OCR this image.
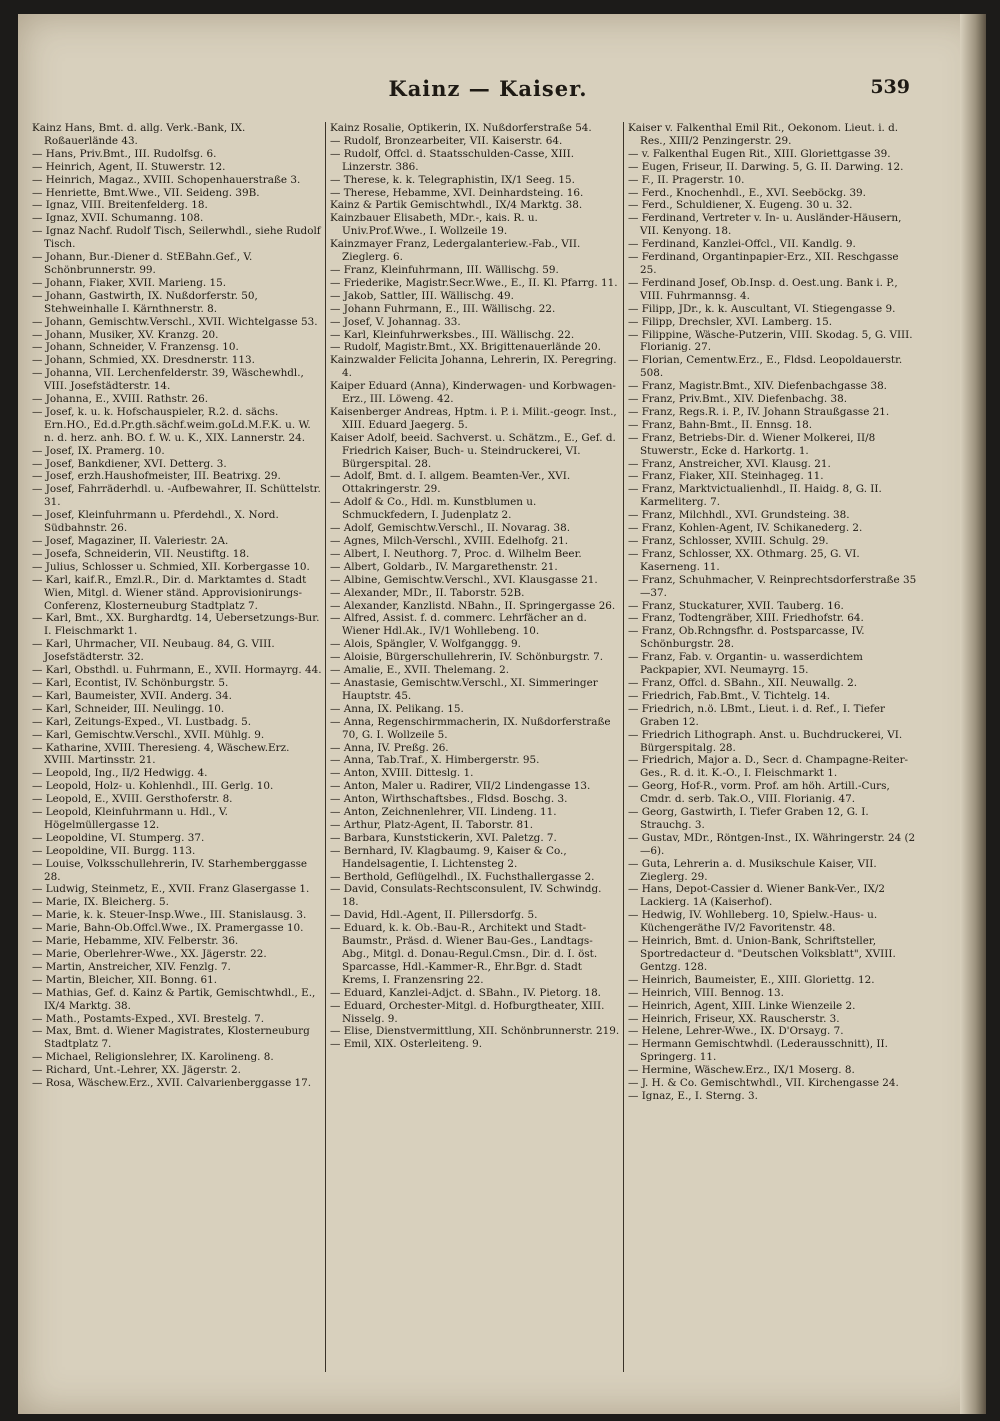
Kainz — Kaiser.	539
Kainz Hans, Bmt. d. allg. Verk.-Bank, IX. Roßauerlände 43.
— Hans, Priv.Bmt., III. Rudolfsg. 6.
— Heinrich, Agent, II. Stuwerstr. 12.
— Heinrich, Magaz., XVIII. Schopenhauerstraße 3.
— Henriette, Bmt.Wwe., VII. Seideng. 39B.
— Ignaz, VIII. Breitenfelderg. 18.
— Ignaz, XVII. Schumanng. 108.
— Ignaz Nachf. Rudolf Tisch, Seilerwhdl., siehe Rudolf Tisch.
— Johann, Bur.-Diener d. StEBahn.Gef., V. Schönbrunnerstr. 99.
— Johann, Fiaker, XVII. Marieng. 15.
— Johann, Gastwirth, IX. Nußdorferstr. 50, Stehweinhalle I. Kärnthnerstr. 8.
— Johann, Gemischtw.Verschl., XVII. Wichtelgasse 53.
— Johann, Musiker, XV. Kranzg. 20.
— Johann, Schneider, V. Franzensg. 10.
— Johann, Schmied, XX. Dresdnerstr. 113.
— Johanna, VII. Lerchenfelderstr. 39, Wäschewhdl., VIII. Josefstädterstr. 14.
— Johanna, E., XVIII. Rathstr. 26.
— Josef, k. u. k. Hofschauspieler, R.2. d. sächs. Ern.HO., Ed.d.Pr.gth.sächf.weim.goLd.M.F.K. u. W. n. d. herz. anh. BO. f. W. u. K., XIX. Lannerstr. 24.
— Josef, IX. Pramerg. 10.
— Josef, Bankdiener, XVI. Detterg. 3.
— Josef, erzh.Haushofmeister, III. Beatrixg. 29.
— Josef, Fahrräderhdl. u. -Aufbewahrer, II. Schüttelstr. 31.
— Josef, Kleinfuhrmann u. Pferdehdl., X. Nord. Südbahnstr. 26.
— Josef, Magaziner, II. Valeriestr. 2A.
— Josefa, Schneiderin, VII. Neustiftg. 18.
— Julius, Schlosser u. Schmied, XII. Korbergasse 10.
— Karl, kaif.R., Emzl.R., Dir. d. Marktamtes d. Stadt Wien, Mitgl. d. Wiener ständ. Approvisionirungs-Conferenz, Klosterneuburg Stadtplatz 7.
— Karl, Bmt., XX. Burghardtg. 14, Uebersetzungs-Bur. I. Fleischmarkt 1.
— Karl, Uhrmacher, VII. Neubaug. 84, G. VIII. Josefstädterstr. 32.
— Karl, Obsthdl. u. Fuhrmann, E., XVII. Hormayrg. 44.
— Karl, Econtist, IV. Schönburgstr. 5.
— Karl, Baumeister, XVII. Anderg. 34.
— Karl, Schneider, III. Neulingg. 10.
— Karl, Zeitungs-Exped., VI. Lustbadg. 5.
— Karl, Gemischtw.Verschl., XVII. Mühlg. 9.
— Katharine, XVIII. Theresieng. 4, Wäschew.Erz. XVIII. Martinsstr. 21.
— Leopold, Ing., II/2 Hedwigg. 4.
— Leopold, Holz- u. Kohlenhdl., III. Gerlg. 10.
— Leopold, E., XVIII. Gersthoferstr. 8.
— Leopold, Kleinfuhrmann u. Hdl., V. Högelmüllergasse 12.
— Leopoldine, VI. Stumperg. 37.
— Leopoldine, VII. Burgg. 113.
— Louise, Volksschullehrerin, IV. Starhemberggasse 28.
— Ludwig, Steinmetz, E., XVII. Franz Glasergasse 1.
— Marie, IX. Bleicherg. 5.
— Marie, k. k. Steuer-Insp.Wwe., III. Stanislausg. 3.
— Marie, Bahn-Ob.Offcl.Wwe., IX. Pramergasse 10.
— Marie, Hebamme, XIV. Felberstr. 36.
— Marie, Oberlehrer-Wwe., XX. Jägerstr. 22.
— Martin, Anstreicher, XIV. Fenzlg. 7.
— Martin, Bleicher, XII. Bonng. 61.
— Mathias, Gef. d. Kainz & Partik, Gemischtwhdl., E., IX/4 Marktg. 38.
— Math., Postamts-Exped., XVI. Brestelg. 7.
— Max, Bmt. d. Wiener Magistrates, Klosterneuburg Stadtplatz 7.
— Michael, Religionslehrer, IX. Karolineng. 8.
— Richard, Unt.-Lehrer, XX. Jägerstr. 2.
— Rosa, Wäschew.Erz., XVII. Calvarienberggasse 17.
Kainz Rosalie, Optikerin, IX. Nußdorferstraße 54.
— Rudolf, Bronzearbeiter, VII. Kaiserstr. 64.
— Rudolf, Offcl. d. Staatsschulden-Casse, XIII. Linzerstr. 386.
— Therese, k. k. Telegraphistin, IX/1 Seeg. 15.
— Therese, Hebamme, XVI. Deinhardsteing. 16.
Kainz & Partik Gemischtwhdl., IX/4 Marktg. 38.
Kainzbauer Elisabeth, MDr.-, kais. R. u. Univ.Prof.Wwe., I. Wollzeile 19.
Kainzmayer Franz, Ledergalanteriew.-Fab., VII. Zieglerg. 6.
— Franz, Kleinfuhrmann, III. Wällischg. 59.
— Friederike, Magistr.Secr.Wwe., E., II. Kl. Pfarrg. 11.
— Jakob, Sattler, III. Wällischg. 49.
— Johann Fuhrmann, E., III. Wällischg. 22.
— Josef, V. Johannag. 33.
— Karl, Kleinfuhrwerksbes., III. Wällischg. 22.
— Rudolf, Magistr.Bmt., XX. Brigittenauerlände 20.
Kainzwalder Felicita Johanna, Lehrerin, IX. Peregring. 4.
Kaiper Eduard (Anna), Kinderwagen- und Korbwagen-Erz., III. Löweng. 42.
Kaisenberger Andreas, Hptm. i. P. i. Milit.-geogr. Inst., XIII. Eduard Jaegerg. 5.
Kaiser Adolf, beeid. Sachverst. u. Schätzm., E., Gef. d. Friedrich Kaiser, Buch- u. Steindruckerei, VI. Bürgerspital. 28.
— Adolf, Bmt. d. I. allgem. Beamten-Ver., XVI. Ottakringerstr. 29.
— Adolf & Co., Hdl. m. Kunstblumen u. Schmuckfedern, I. Judenplatz 2.
— Adolf, Gemischtw.Verschl., II. Novarag. 38.
— Agnes, Milch-Verschl., XVIII. Edelhofg. 21.
— Albert, I. Neuthorg. 7, Proc. d. Wilhelm Beer.
— Albert, Goldarb., IV. Margarethenstr. 21.
— Albine, Gemischtw.Verschl., XVI. Klausgasse 21.
— Alexander, MDr., II. Taborstr. 52B.
— Alexander, Kanzlistd. NBahn., II. Springergasse 26.
— Alfred, Assist. f. d. commerc. Lehrfächer an d. Wiener Hdl.Ak., IV/1 Wohllebeng. 10.
— Alois, Spängler, V. Wolfganggg. 9.
— Aloisie, Bürgerschullehrerin, IV. Schönburgstr. 7.
— Amalie, E., XVII. Thelemang. 2.
— Anastasie, Gemischtw.Verschl., XI. Simmeringer Hauptstr. 45.
— Anna, IX. Pelikang. 15.
— Anna, Regenschirmmacherin, IX. Nußdorferstraße 70, G. I. Wollzeile 5.
— Anna, IV. Preßg. 26.
— Anna, Tab.Traf., X. Himbergerstr. 95.
— Anton, XVIII. Ditteslg. 1.
— Anton, Maler u. Radirer, VII/2 Lindengasse 13.
— Anton, Wirthschaftsbes., Fldsd. Boschg. 3.
— Anton, Zeichnenlehrer, VII. Lindeng. 11.
— Arthur, Platz-Agent, II. Taborstr. 81.
— Barbara, Kunststickerin, XVI. Paletzg. 7.
— Bernhard, IV. Klagbaumg. 9, Kaiser & Co., Handelsagentie, I. Lichtensteg 2.
— Berthold, Geflügelhdl., IX. Fuchsthallergasse 2.
— David, Consulats-Rechtsconsulent, IV. Schwindg. 18.
— David, Hdl.-Agent, II. Pillersdorfg. 5.
— Eduard, k. k. Ob.-Bau-R., Architekt und Stadt-Baumstr., Präsd. d. Wiener Bau-Ges., Landtags-Abg., Mitgl. d. Donau-Regul.Cmsn., Dir. d. I. öst. Sparcasse, Hdl.-Kammer-R., Ehr.Bgr. d. Stadt Krems, I. Franzensring 22.
— Eduard, Kanzlei-Adjct. d. SBahn., IV. Pietorg. 18.
— Eduard, Orchester-Mitgl. d. Hofburgtheater, XIII. Nisselg. 9.
— Elise, Dienstvermittlung, XII. Schönbrunnerstr. 219.
— Emil, XIX. Osterleiteng. 9.
Kaiser v. Falkenthal Emil Rit., Oekonom. Lieut. i. d. Res., XIII/2 Penzingerstr. 29.
— v. Falkenthal Eugen Rit., XIII. Gloriettgasse 39.
— Eugen, Friseur, II. Darwing. 5, G. II. Darwing. 12.
— F., II. Pragerstr. 10.
— Ferd., Knochenhdl., E., XVI. Seeböckg. 39.
— Ferd., Schuldiener, X. Eugeng. 30 u. 32.
— Ferdinand, Vertreter v. In- u. Ausländer-Häusern, VII. Kenyong. 18.
— Ferdinand, Kanzlei-Offcl., VII. Kandlg. 9.
— Ferdinand, Organtinpapier-Erz., XII. Reschgasse 25.
— Ferdinand Josef, Ob.Insp. d. Oest.ung. Bank i. P., VIII. Fuhrmannsg. 4.
— Filipp, JDr., k. k. Auscultant, VI. Stiegengasse 9.
— Filipp, Drechsler, XVI. Lamberg. 15.
— Filippine, Wäsche-Putzerin, VIII. Skodag. 5, G. VIII. Florianig. 27.
— Florian, Cementw.Erz., E., Fldsd. Leopoldauerstr. 508.
— Franz, Magistr.Bmt., XIV. Diefenbachgasse 38.
— Franz, Priv.Bmt., XIV. Diefenbachg. 38.
— Franz, Regs.R. i. P., IV. Johann Straußgasse 21.
— Franz, Bahn-Bmt., II. Ennsg. 18.
— Franz, Betriebs-Dir. d. Wiener Molkerei, II/8 Stuwerstr., Ecke d. Harkortg. 1.
— Franz, Anstreicher, XVI. Klausg. 21.
— Franz, Fiaker, XII. Steinhageg. 11.
— Franz, Marktvictualienhdl., II. Haidg. 8, G. II. Karmeliterg. 7.
— Franz, Milchhdl., XVI. Grundsteing. 38.
— Franz, Kohlen-Agent, IV. Schikanederg. 2.
— Franz, Schlosser, XVIII. Schulg. 29.
— Franz, Schlosser, XX. Othmarg. 25, G. VI. Kaserneng. 11.
— Franz, Schuhmacher, V. Reinprechtsdorferstraße 35—37.
— Franz, Stuckaturer, XVII. Tauberg. 16.
— Franz, Todtengräber, XIII. Friedhofstr. 64.
— Franz, Ob.Rchngsfhr. d. Postsparcasse, IV. Schönburgstr. 28.
— Franz, Fab. v. Organtin- u. wasserdichtem Packpapier, XVI. Neumayrg. 15.
— Franz, Offcl. d. SBahn., XII. Neuwallg. 2.
— Friedrich, Fab.Bmt., V. Tichtelg. 14.
— Friedrich, n.ö. LBmt., Lieut. i. d. Ref., I. Tiefer Graben 12.
— Friedrich Lithograph. Anst. u. Buchdruckerei, VI. Bürgerspitalg. 28.
— Friedrich, Major a. D., Secr. d. Champagne-Reiter-Ges., R. d. it. K.-O., I. Fleischmarkt 1.
— Georg, Hof-R., vorm. Prof. am höh. Artill.-Curs, Cmdr. d. serb. Tak.O., VIII. Florianig. 47.
— Georg, Gastwirth, I. Tiefer Graben 12, G. I. Strauchg. 3.
— Gustav, MDr., Röntgen-Inst., IX. Währingerstr. 24 (2—6).
— Guta, Lehrerin a. d. Musikschule Kaiser, VII. Zieglerg. 29.
— Hans, Depot-Cassier d. Wiener Bank-Ver., IX/2 Lackierg. 1A (Kaiserhof).
— Hedwig, IV. Wohlleberg. 10, Spielw.-Haus- u. Küchengeräthe IV/2 Favoritenstr. 48.
— Heinrich, Bmt. d. Union-Bank, Schriftsteller, Sportredacteur d. "Deutschen Volksblatt", XVIII. Gentzg. 128.
— Heinrich, Baumeister, E., XIII. Gloriettg. 12.
— Heinrich, VIII. Bennog. 13.
— Heinrich, Agent, XIII. Linke Wienzeile 2.
— Heinrich, Friseur, XX. Rauscherstr. 3.
— Helene, Lehrer-Wwe., IX. D'Orsayg. 7.
— Hermann Gemischtwhdl. (Lederausschnitt), II. Springerg. 11.
— Hermine, Wäschew.Erz., IX/1 Moserg. 8.
— J. H. & Co. Gemischtwhdl., VII. Kirchengasse 24.
— Ignaz, E., I. Sterng. 3.
